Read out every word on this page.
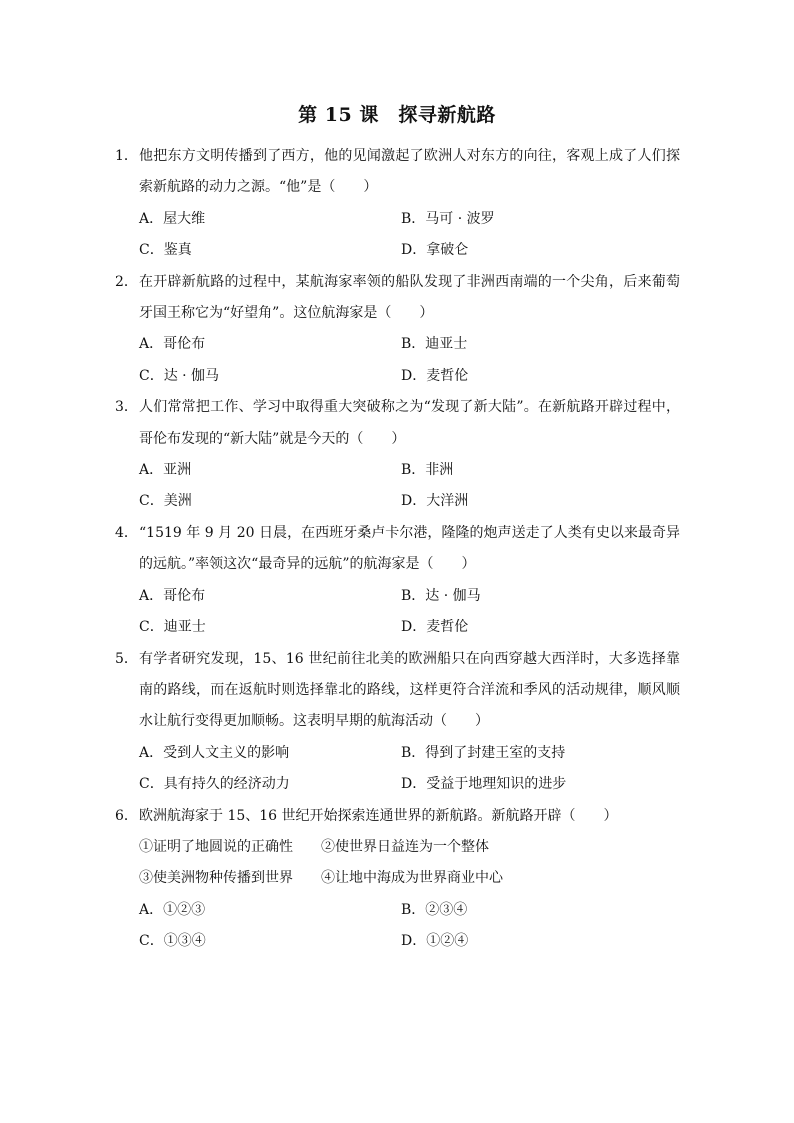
第 15 课　探寻新航路
1． 他把东方文明传播到了西方，他的见闻激起了欧洲人对东方的向往，客观上成了人们探索新航路的动力之源。“他”是（　　）
A．屋大维	B．马可 · 波罗
C．鉴真	D．拿破仑
2． 在开辟新航路的过程中，某航海家率领的船队发现了非洲西南端的一个尖角，后来葡萄牙国王称它为“好望角”。这位航海家是（　　）
A．哥伦布	B．迪亚士
C．达 · 伽马	D．麦哲伦
3． 人们常常把工作、学习中取得重大突破称之为“发现了新大陆”。在新航路开辟过程中，哥伦布发现的“新大陆”就是今天的（　　）
A．亚洲	B．非洲
C．美洲	D．大洋洲
4． “1519 年 9 月 20 日晨，在西班牙桑卢卡尔港，隆隆的炮声送走了人类有史以来最奇异的远航。”率领这次“最奇异的远航”的航海家是（　　）
A．哥伦布	B．达 · 伽马
C．迪亚士	D．麦哲伦
5． 有学者研究发现，15、16 世纪前往北美的欧洲船只在向西穿越大西洋时，大多选择靠南的路线，而在返航时则选择靠北的路线，这样更符合洋流和季风的活动规律，顺风顺水让航行变得更加顺畅。这表明早期的航海活动（　　）
A．受到人文主义的影响	B．得到了封建王室的支持
C．具有持久的经济动力	D．受益于地理知识的进步
6． 欧洲航海家于 15、16 世纪开始探索连通世界的新航路。新航路开辟（　　）
①证明了地圆说的正确性	②使世界日益连为一个整体
③使美洲物种传播到世界	④让地中海成为世界商业中心
A．①②③	B．②③④
C．①③④	D．①②④
